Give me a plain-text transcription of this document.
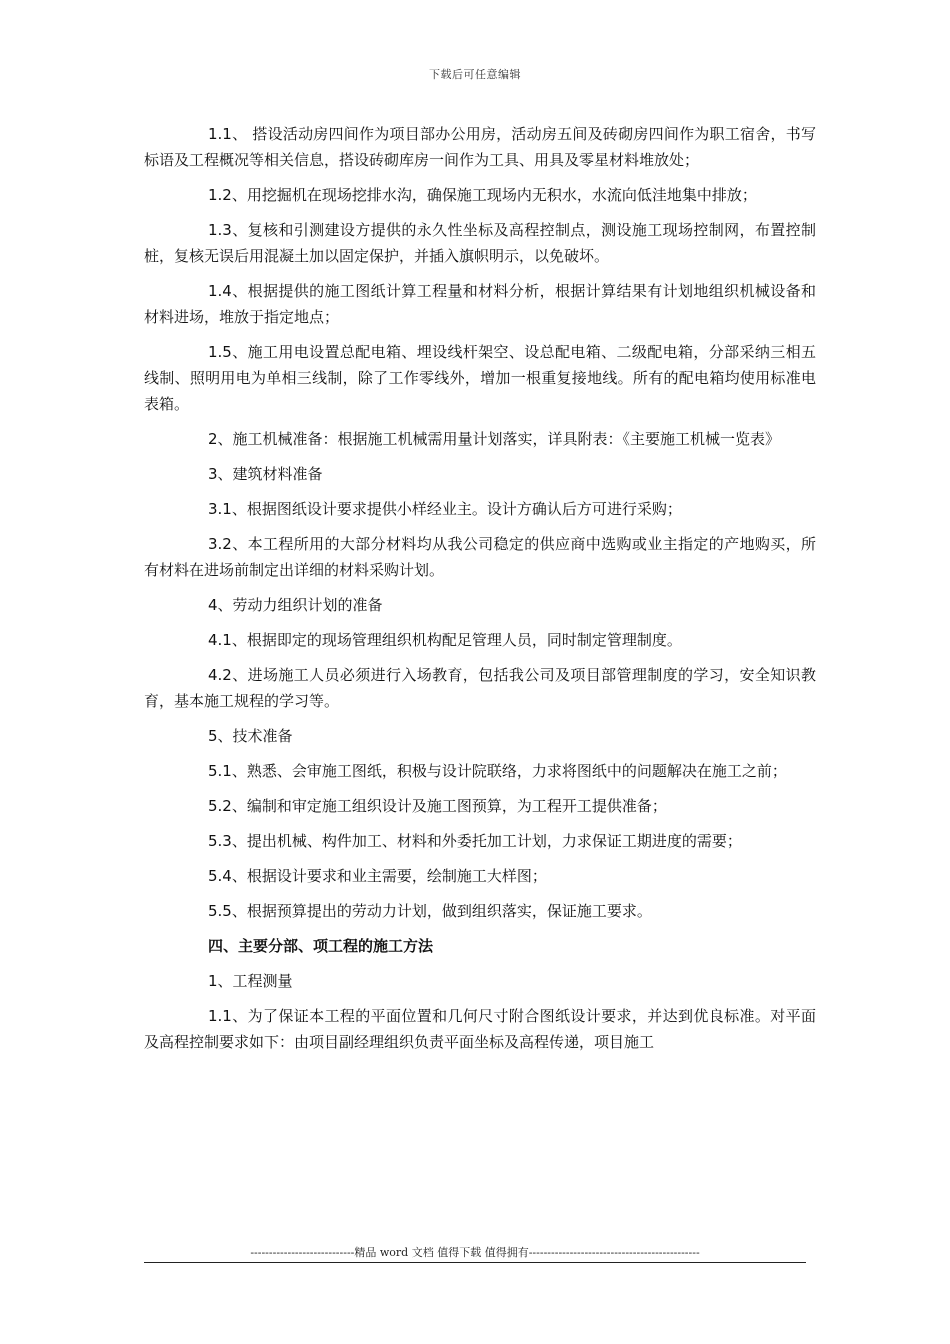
下载后可任意编辑

1.1、 搭设活动房四间作为项目部办公用房，活动房五间及砖砌房四间作为职工宿舍，书写标语及工程概况等相关信息，搭设砖砌库房一间作为工具、用具及零星材料堆放处；

1.2、用挖掘机在现场挖排水沟，确保施工现场内无积水，水流向低洼地集中排放；

1.3、复核和引测建设方提供的永久性坐标及高程控制点，测设施工现场控制网，布置控制桩，复核无误后用混凝土加以固定保护，并插入旗帜明示，以免破坏。

1.4、根据提供的施工图纸计算工程量和材料分析，根据计算结果有计划地组织机械设备和材料进场，堆放于指定地点；

1.5、施工用电设置总配电箱、埋设线杆架空、设总配电箱、二级配电箱，分部采纳三相五线制、照明用电为单相三线制，除了工作零线外，增加一根重复接地线。所有的配电箱均使用标准电表箱。

2、施工机械准备：根据施工机械需用量计划落实，详具附表：《主要施工机械一览表》

3、建筑材料准备

3.1、根据图纸设计要求提供小样经业主。设计方确认后方可进行采购；

3.2、本工程所用的大部分材料均从我公司稳定的供应商中选购或业主指定的产地购买，所有材料在进场前制定出详细的材料采购计划。

4、劳动力组织计划的准备

4.1、根据即定的现场管理组织机构配足管理人员，同时制定管理制度。

4.2、进场施工人员必须进行入场教育，包括我公司及项目部管理制度的学习，安全知识教育，基本施工规程的学习等。

5、技术准备

5.1、熟悉、会审施工图纸，积极与设计院联络，力求将图纸中的问题解决在施工之前；

5.2、编制和审定施工组织设计及施工图预算，为工程开工提供准备；

5.3、提出机械、构件加工、材料和外委托加工计划，力求保证工期进度的需要；

5.4、根据设计要求和业主需要，绘制施工大样图；

5.5、根据预算提出的劳动力计划，做到组织落实，保证施工要求。

四、主要分部、项工程的施工方法

1、工程测量

1.1、为了保证本工程的平面位置和几何尺寸附合图纸设计要求，并达到优良标准。对平面及高程控制要求如下：由项目副经理组织负责平面坐标及高程传递，项目施工

----------------------------精品 word 文档 值得下载 值得拥有----------------------------------------------
